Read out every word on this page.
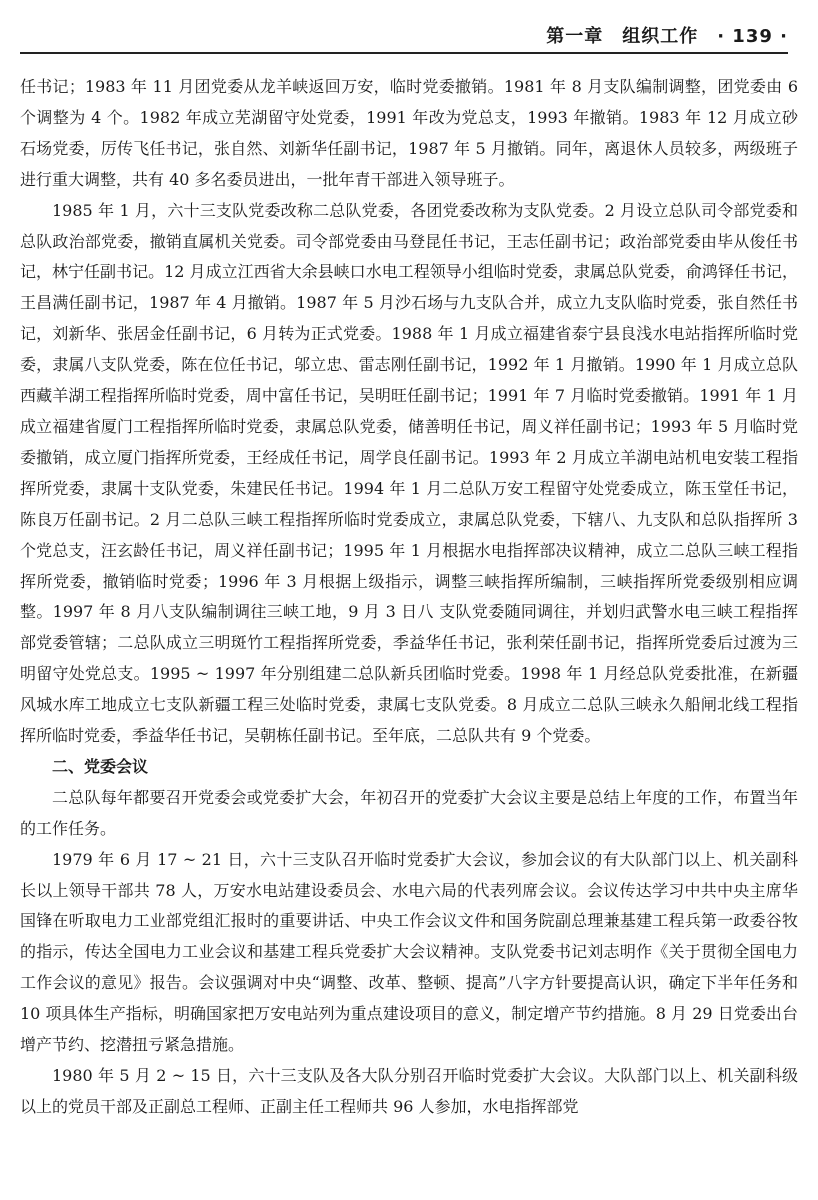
第一章　组织工作　· 139 ·

任书记；1983 年 11 月团党委从龙羊峡返回万安，临时党委撤销。1981 年 8 月支队编制调整，团党委由 6 个调整为 4 个。1982 年成立芜湖留守处党委，1991 年改为党总支，1993 年撤销。1983 年 12 月成立砂石场党委，厉传飞任书记，张自然、刘新华任副书记，1987 年 5 月撤销。同年，离退休人员较多，两级班子进行重大调整，共有 40 多名委员进出，一批年青干部进入领导班子。

1985 年 1 月，六十三支队党委改称二总队党委，各团党委改称为支队党委。2 月设立总队司令部党委和总队政治部党委，撤销直属机关党委。司令部党委由马登昆任书记，王志任副书记；政治部党委由毕从俊任书记，林宁任副书记。12 月成立江西省大余县峡口水电工程领导小组临时党委，隶属总队党委，俞鸿铎任书记，王昌满任副书记，1987 年 4 月撤销。1987 年 5 月沙石场与九支队合并，成立九支队临时党委，张自然任书记，刘新华、张居金任副书记，6 月转为正式党委。1988 年 1 月成立福建省泰宁县良浅水电站指挥所临时党委，隶属八支队党委，陈在位任书记，邬立忠、雷志刚任副书记，1992 年 1 月撤销。1990 年 1 月成立总队西藏羊湖工程指挥所临时党委，周中富任书记，吴明旺任副书记；1991 年 7 月临时党委撤销。1991 年 1 月成立福建省厦门工程指挥所临时党委，隶属总队党委，储善明任书记，周义祥任副书记；1993 年 5 月临时党委撤销，成立厦门指挥所党委，王经成任书记，周学良任副书记。1993 年 2 月成立羊湖电站机电安装工程指挥所党委，隶属十支队党委，朱建民任书记。1994 年 1 月二总队万安工程留守处党委成立，陈玉堂任书记，陈良万任副书记。2 月二总队三峡工程指挥所临时党委成立，隶属总队党委，下辖八、九支队和总队指挥所 3 个党总支，汪玄龄任书记，周义祥任副书记；1995 年 1 月根据水电指挥部决议精神，成立二总队三峡工程指挥所党委，撤销临时党委；1996 年 3 月根据上级指示，调整三峡指挥所编制，三峡指挥所党委级别相应调整。1997 年 8 月八支队编制调往三峡工地，9 月 3 日八 支队党委随同调往，并划归武警水电三峡工程指挥部党委管辖；二总队成立三明斑竹工程指挥所党委，季益华任书记，张利荣任副书记，指挥所党委后过渡为三明留守处党总支。1995 ~ 1997 年分别组建二总队新兵团临时党委。1998 年 1 月经总队党委批准，在新疆风城水库工地成立七支队新疆工程三处临时党委，隶属七支队党委。8 月成立二总队三峡永久船闸北线工程指挥所临时党委，季益华任书记，吴朝栋任副书记。至年底，二总队共有 9 个党委。

二、党委会议

二总队每年都要召开党委会或党委扩大会，年初召开的党委扩大会议主要是总结上年度的工作，布置当年的工作任务。

1979 年 6 月 17 ~ 21 日，六十三支队召开临时党委扩大会议，参加会议的有大队部门以上、机关副科长以上领导干部共 78 人，万安水电站建设委员会、水电六局的代表列席会议。会议传达学习中共中央主席华国锋在听取电力工业部党组汇报时的重要讲话、中央工作会议文件和国务院副总理兼基建工程兵第一政委谷牧的指示，传达全国电力工业会议和基建工程兵党委扩大会议精神。支队党委书记刘志明作《关于贯彻全国电力工作会议的意见》报告。会议强调对中央“调整、改革、整顿、提高”八字方针要提高认识，确定下半年任务和 10 项具体生产指标，明确国家把万安电站列为重点建设项目的意义，制定增产节约措施。8 月 29 日党委出台增产节约、挖潜扭亏紧急措施。

1980 年 5 月 2 ~ 15 日，六十三支队及各大队分别召开临时党委扩大会议。大队部门以上、机关副科级以上的党员干部及正副总工程师、正副主任工程师共 96 人参加，水电指挥部党
